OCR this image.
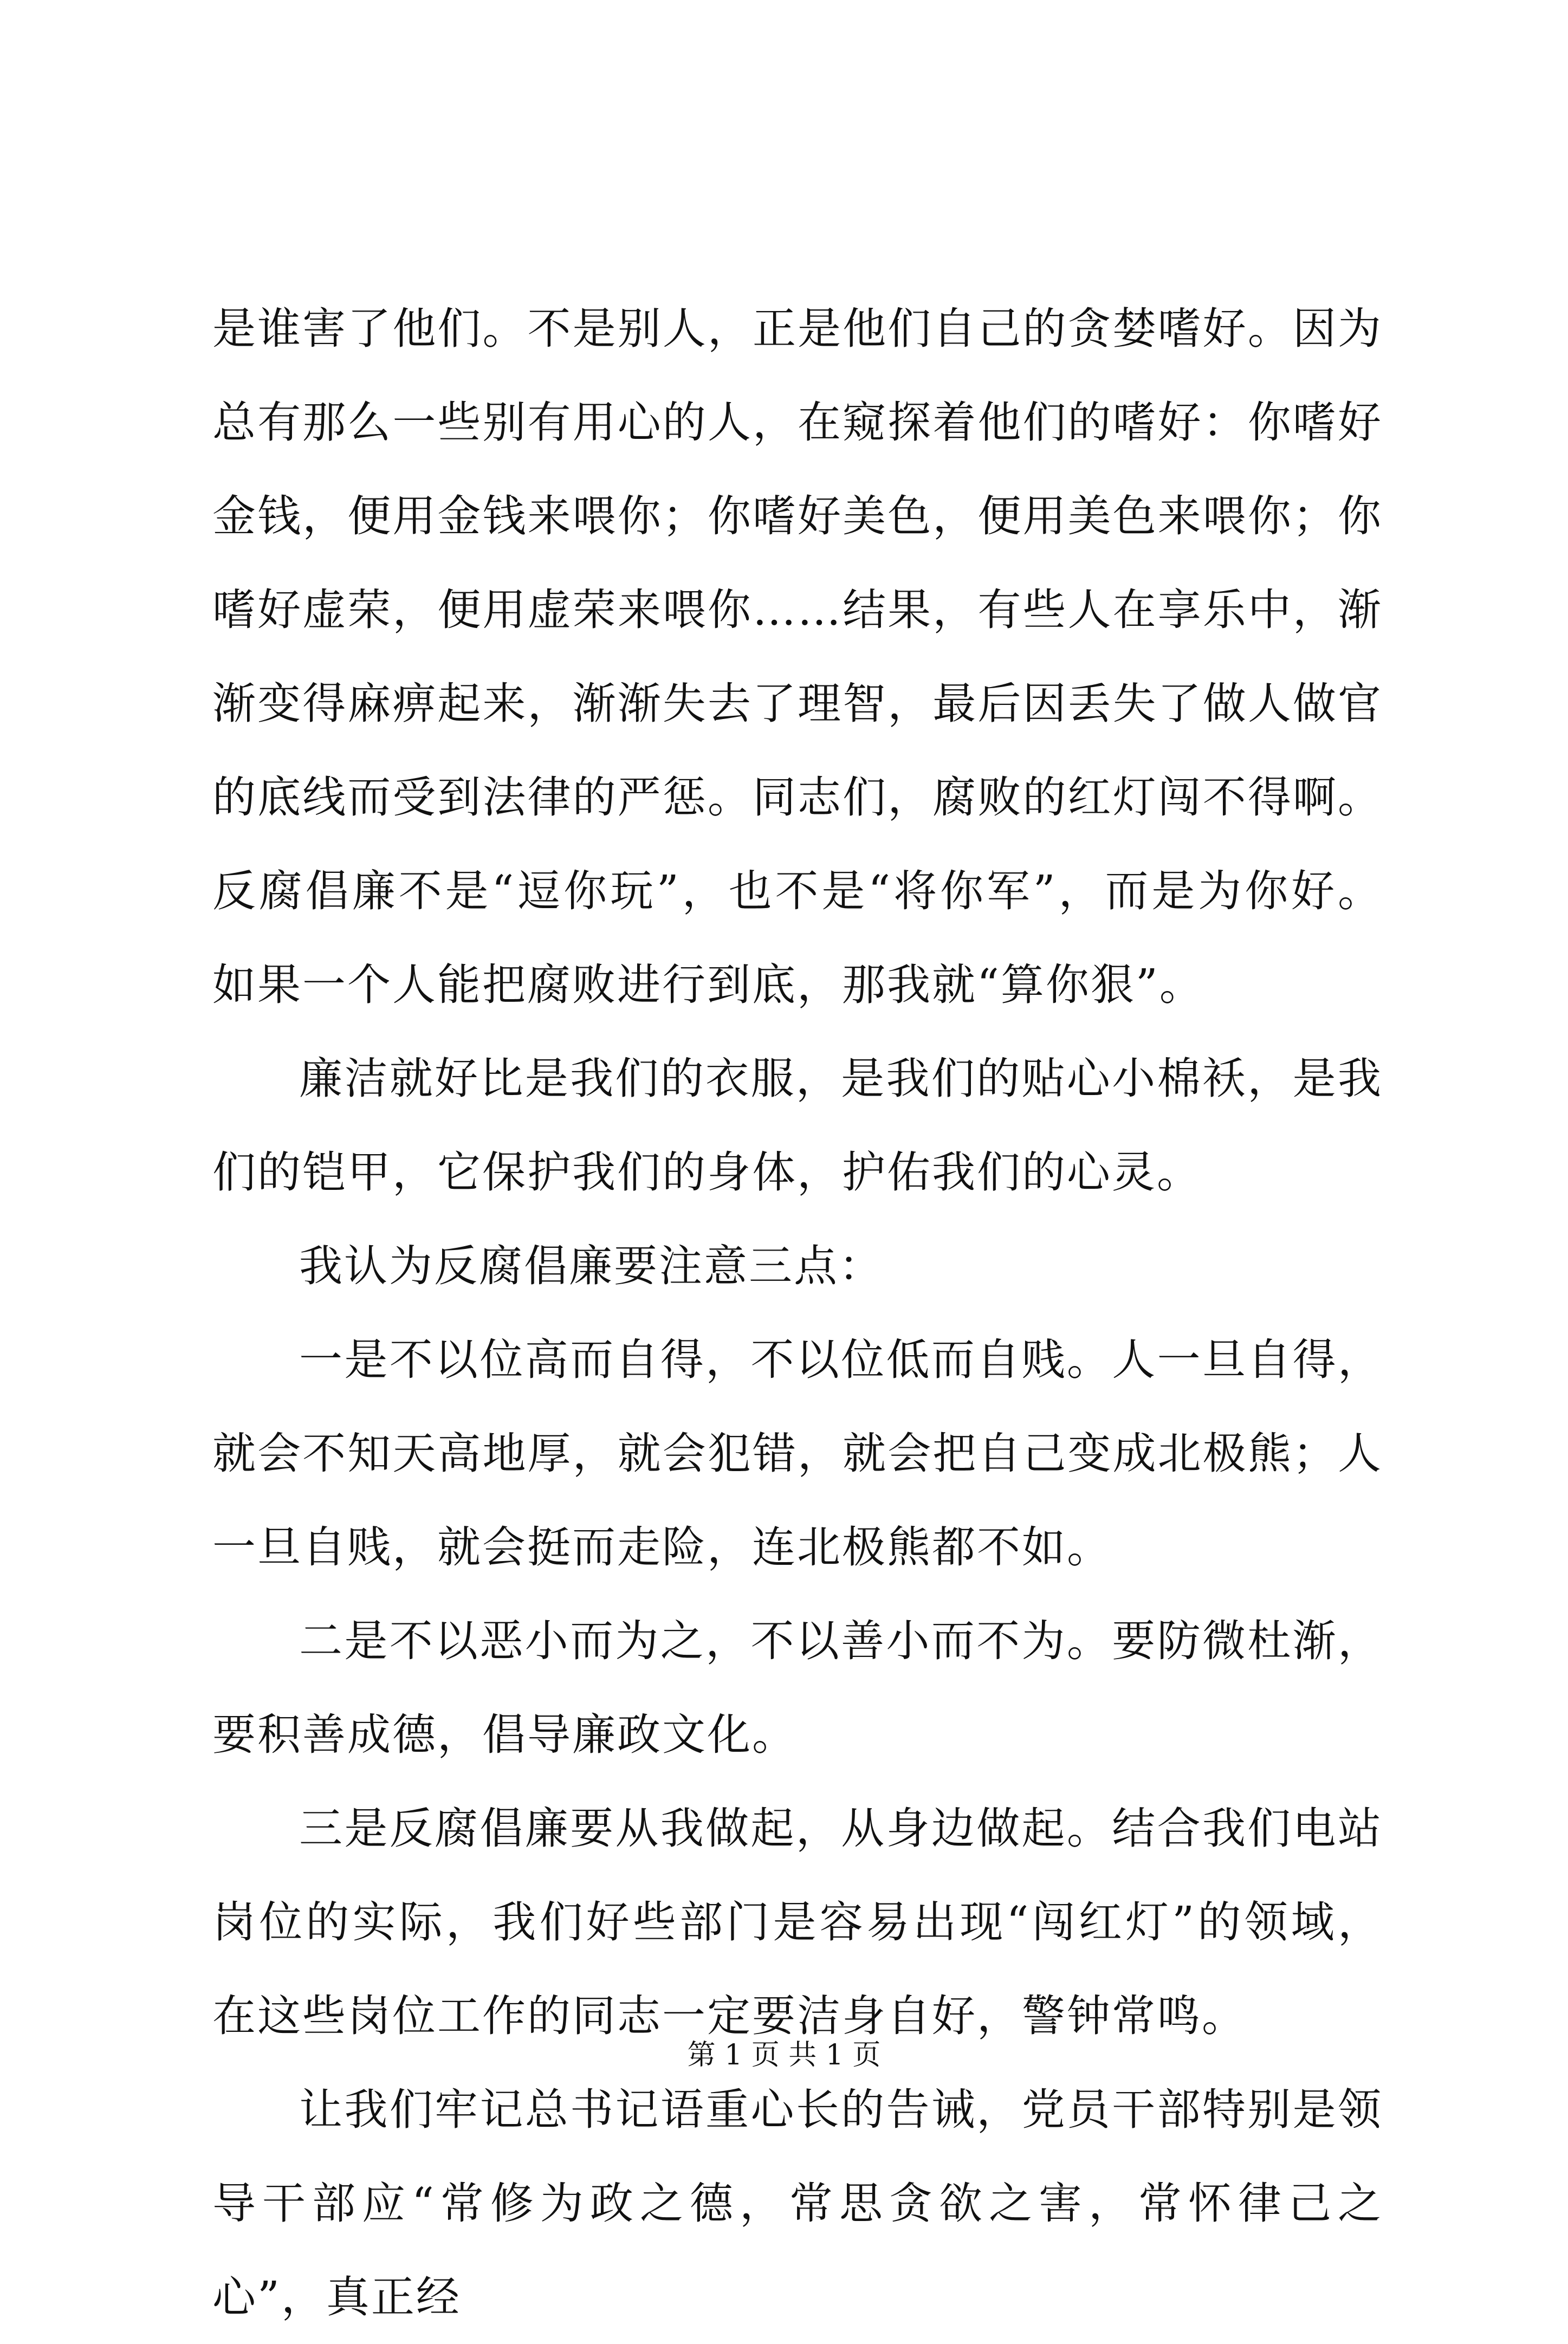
是谁害了他们。不是别人，正是他们自己的贪婪嗜好。因为总有那么一些别有用心的人，在窥探着他们的嗜好：你嗜好金钱，便用金钱来喂你；你嗜好美色，便用美色来喂你；你嗜好虚荣，便用虚荣来喂你……结果，有些人在享乐中，渐渐变得麻痹起来，渐渐失去了理智，最后因丢失了做人做官的底线而受到法律的严惩。同志们，腐败的红灯闯不得啊。反腐倡廉不是“逗你玩”，也不是“将你军”，而是为你好。如果一个人能把腐败进行到底，那我就“算你狠”。

廉洁就好比是我们的衣服，是我们的贴心小棉袄，是我们的铠甲，它保护我们的身体，护佑我们的心灵。

我认为反腐倡廉要注意三点：

一是不以位高而自得，不以位低而自贱。人一旦自得，就会不知天高地厚，就会犯错，就会把自己变成北极熊；人一旦自贱，就会挺而走险，连北极熊都不如。

二是不以恶小而为之，不以善小而不为。要防微杜渐，要积善成德，倡导廉政文化。

三是反腐倡廉要从我做起，从身边做起。结合我们电站岗位的实际，我们好些部门是容易出现“闯红灯”的领域，在这些岗位工作的同志一定要洁身自好，警钟常鸣。

让我们牢记总书记语重心长的告诫，党员干部特别是领导干部应“常修为政之德，常思贪欲之害，常怀律己之心”，真正经

第 1 页 共 1 页
